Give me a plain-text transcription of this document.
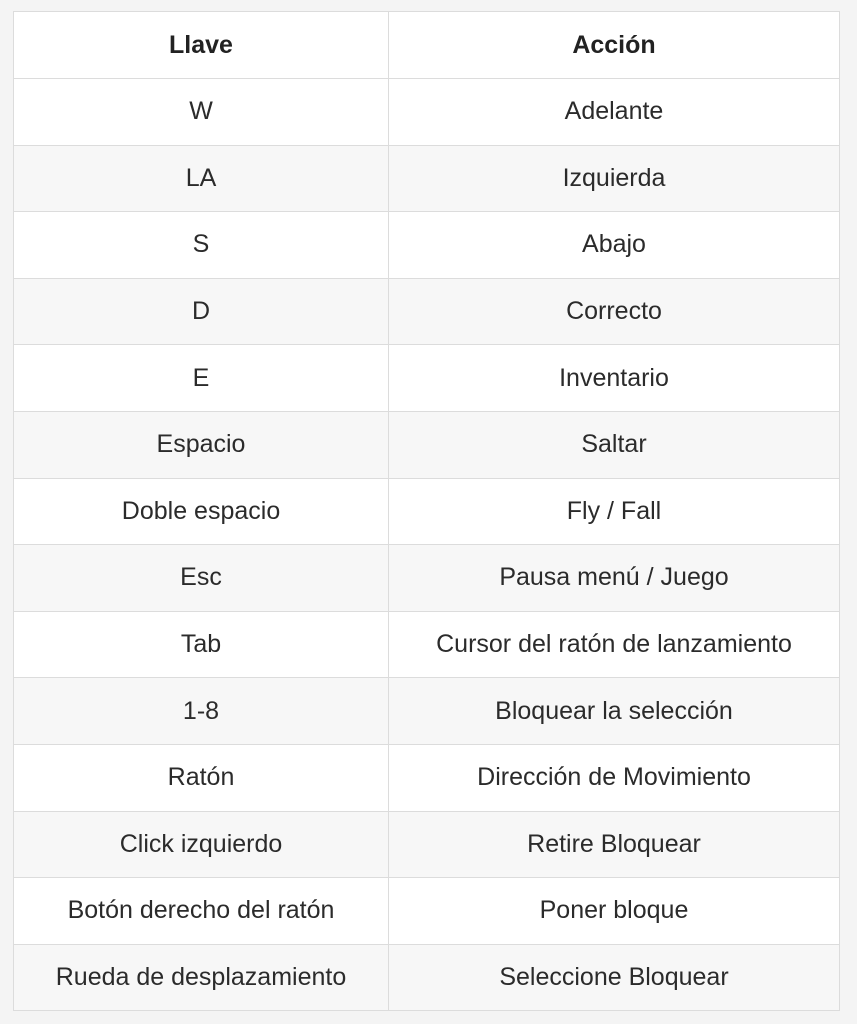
Llave	Acción
W	Adelante
LA	Izquierda
S	Abajo
D	Correcto
E	Inventario
Espacio	Saltar
Doble espacio	Fly / Fall
Esc	Pausa menú / Juego
Tab	Cursor del ratón de lanzamiento
1-8	Bloquear la selección
Ratón	Dirección de Movimiento
Click izquierdo	Retire Bloquear
Botón derecho del ratón	Poner bloque
Rueda de desplazamiento	Seleccione Bloquear
